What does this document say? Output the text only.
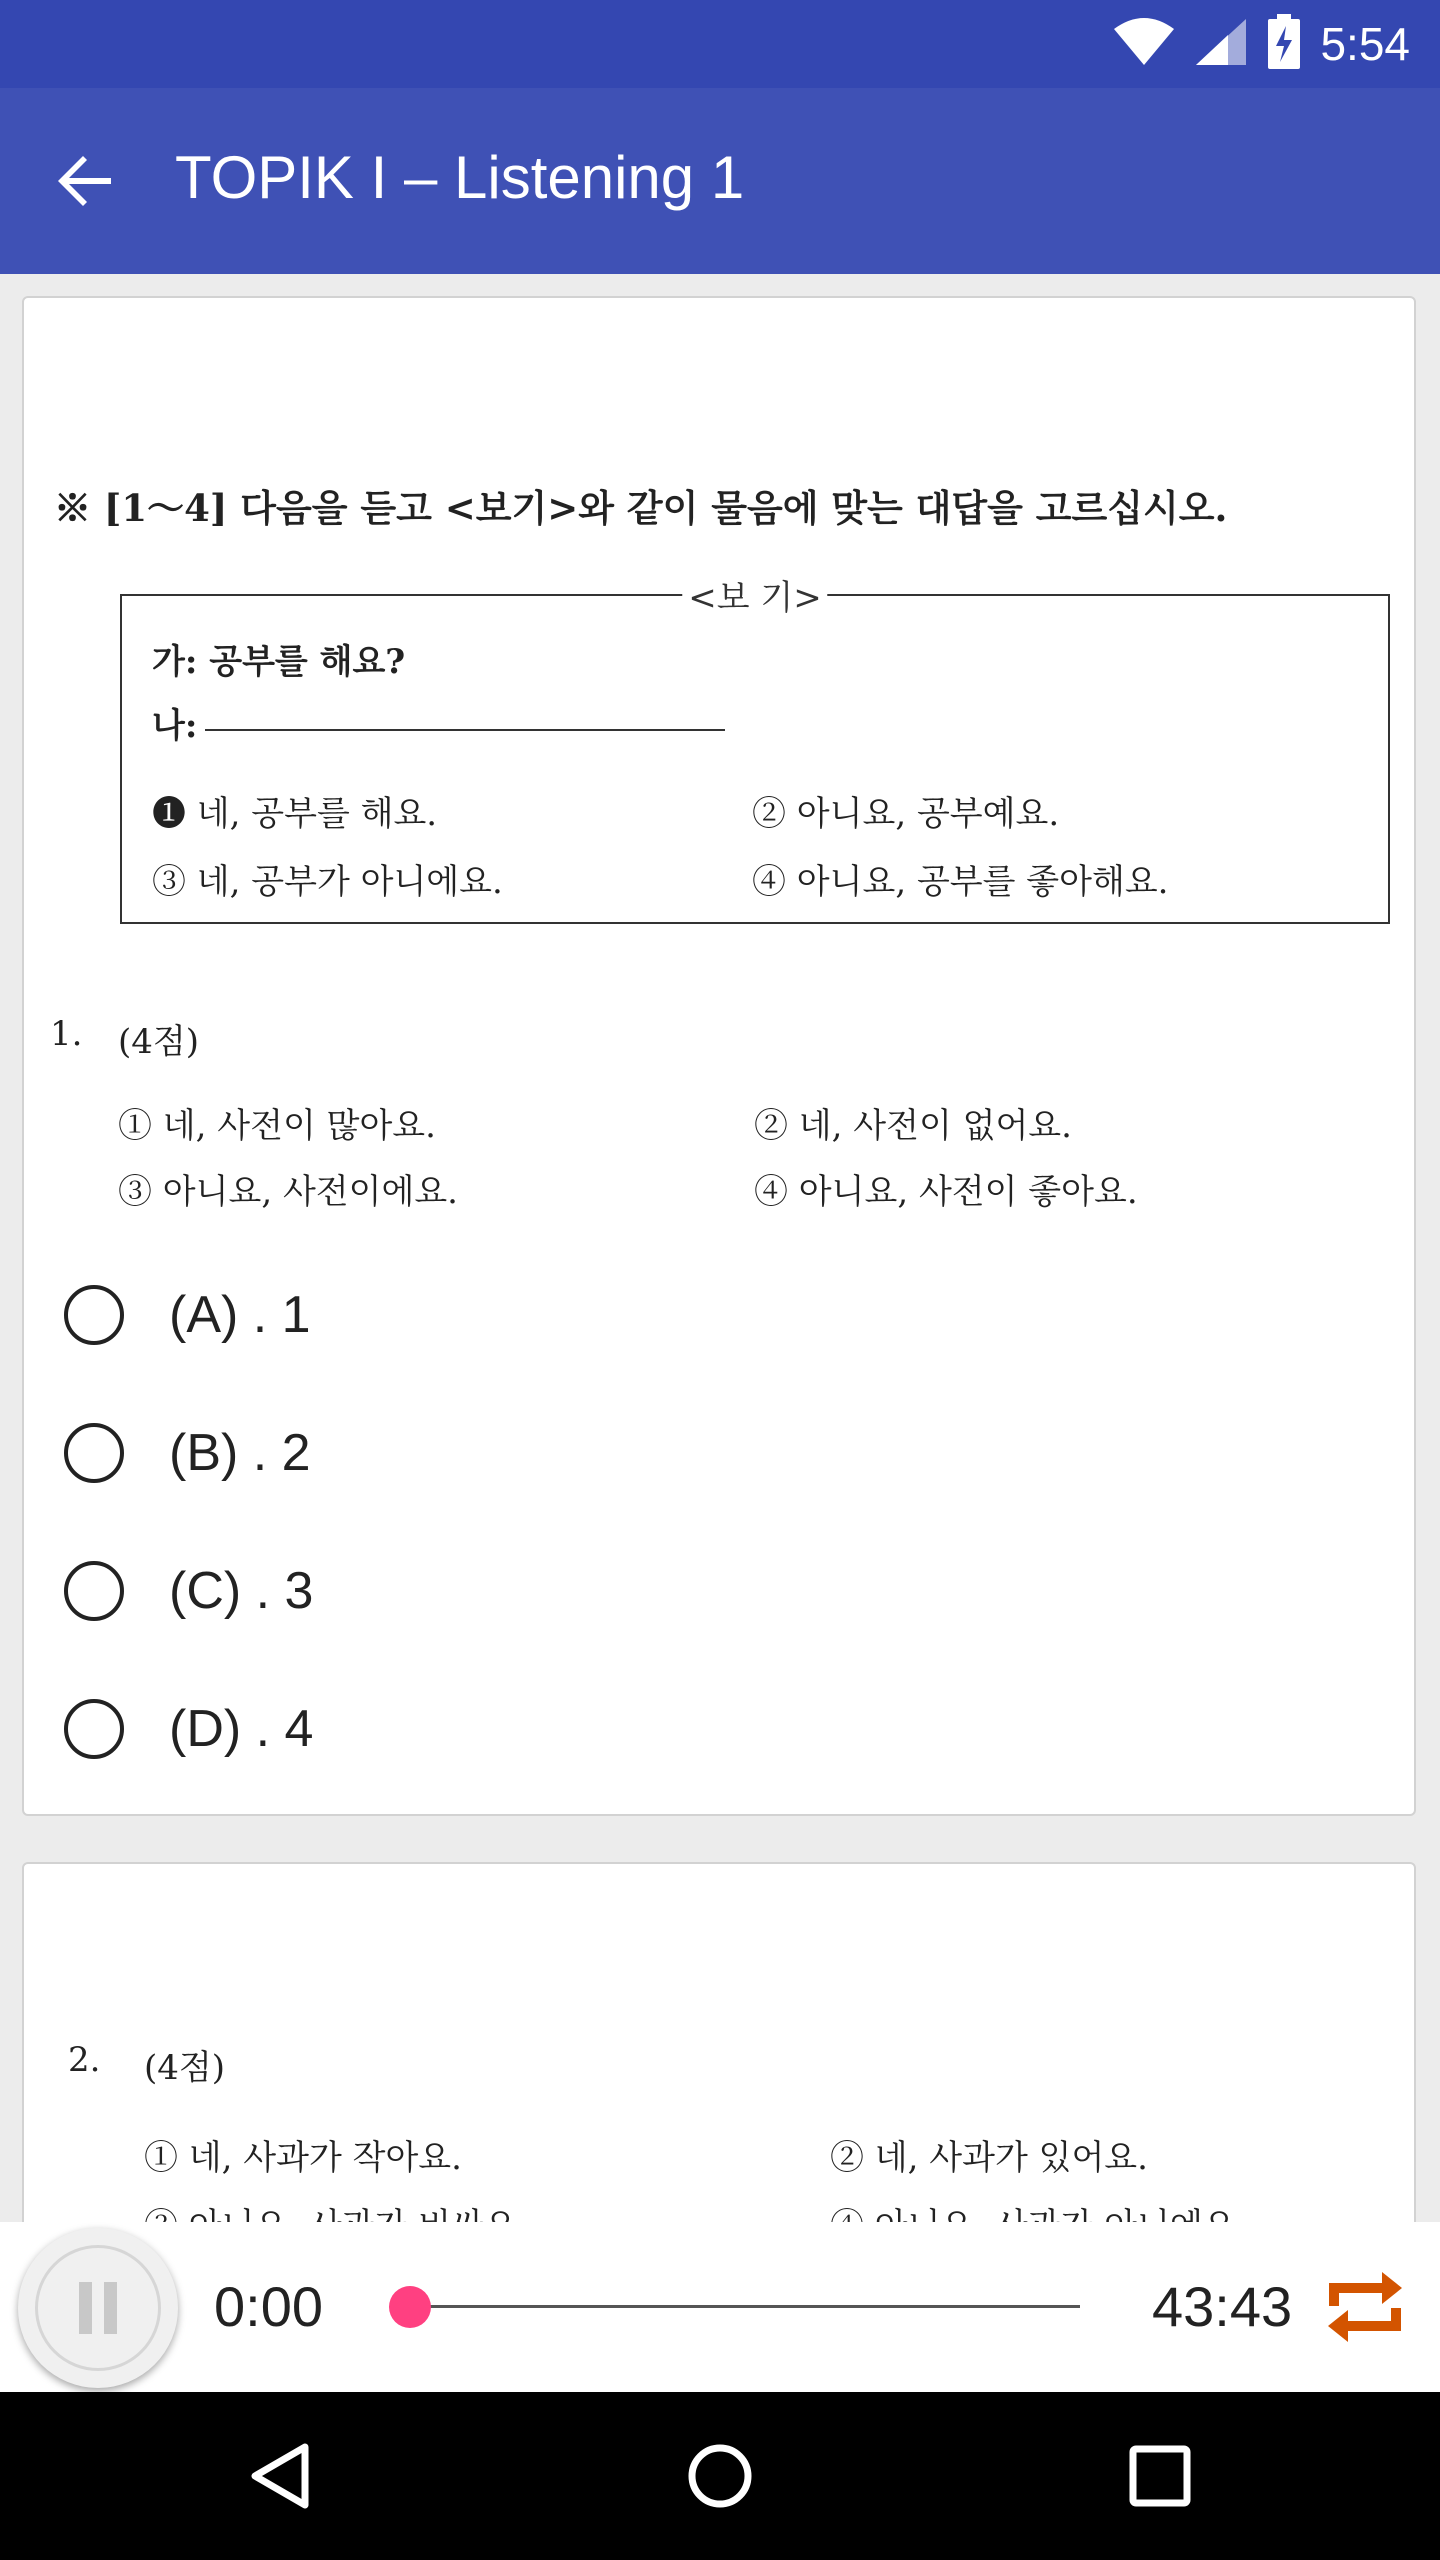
5:54
TOPIK I – Listening 1
※ [1～4] 다음을 듣고 <보기>와 같이 물음에 맞는 대답을 고르십시오.
<보 기>
가: 공부를 해요?
나:
❶ 네, 공부를 해요.	② 아니요, 공부예요.
③ 네, 공부가 아니에요.	④ 아니요, 공부를 좋아해요.
1. (4점)
① 네, 사전이 많아요.	② 네, 사전이 없어요.
③ 아니요, 사전이에요.	④ 아니요, 사전이 좋아요.
(A) . 1
(B) . 2
(C) . 3
(D) . 4
2. (4점)
① 네, 사과가 작아요.	② 네, 사과가 있어요.
0:00	43:43
